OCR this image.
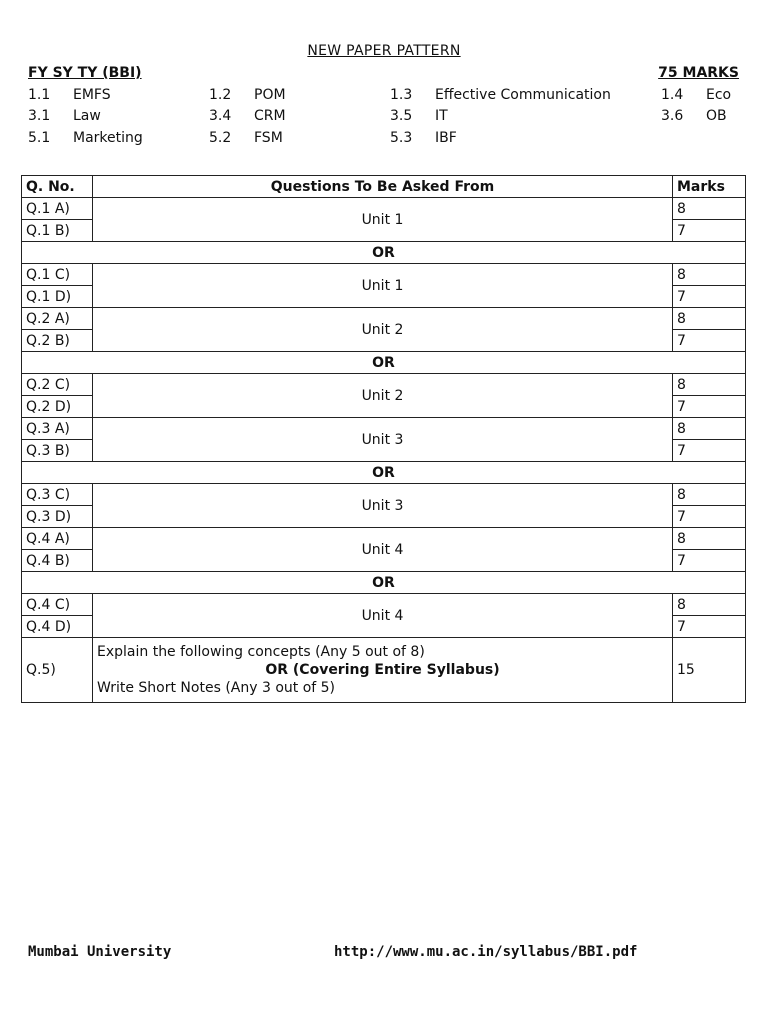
NEW PAPER PATTERN
FY SY TY (BBI)	75 MARKS
1.1 EMFS	1.2 POM	1.3 Effective Communication	1.4 Eco
3.1 Law	3.4 CRM	3.5 IT	3.6 OB
5.1 Marketing	5.2 FSM	5.3 IBF
Q. No.	Questions To Be Asked From	Marks
Q.1 A)	Unit 1	8
Q.1 B)		7
OR		
Q.1 C)	Unit 1	8
Q.1 D)		7
Q.2 A)	Unit 2	8
Q.2 B)		7
OR		
Q.2 C)	Unit 2	8
Q.2 D)		7
Q.3 A)	Unit 3	8
Q.3 B)		7
OR		
Q.3 C)	Unit 3	8
Q.3 D)		7
Q.4 A)	Unit 4	8
Q.4 B)		7
OR		
Q.4 C)	Unit 4	8
Q.4 D)		7
Q.5)	Explain the following concepts (Any 5 out of 8)
OR (Covering Entire Syllabus)
Write Short Notes (Any 3 out of 5)	15
Mumbai University	http://www.mu.ac.in/syllabus/BBI.pdf
